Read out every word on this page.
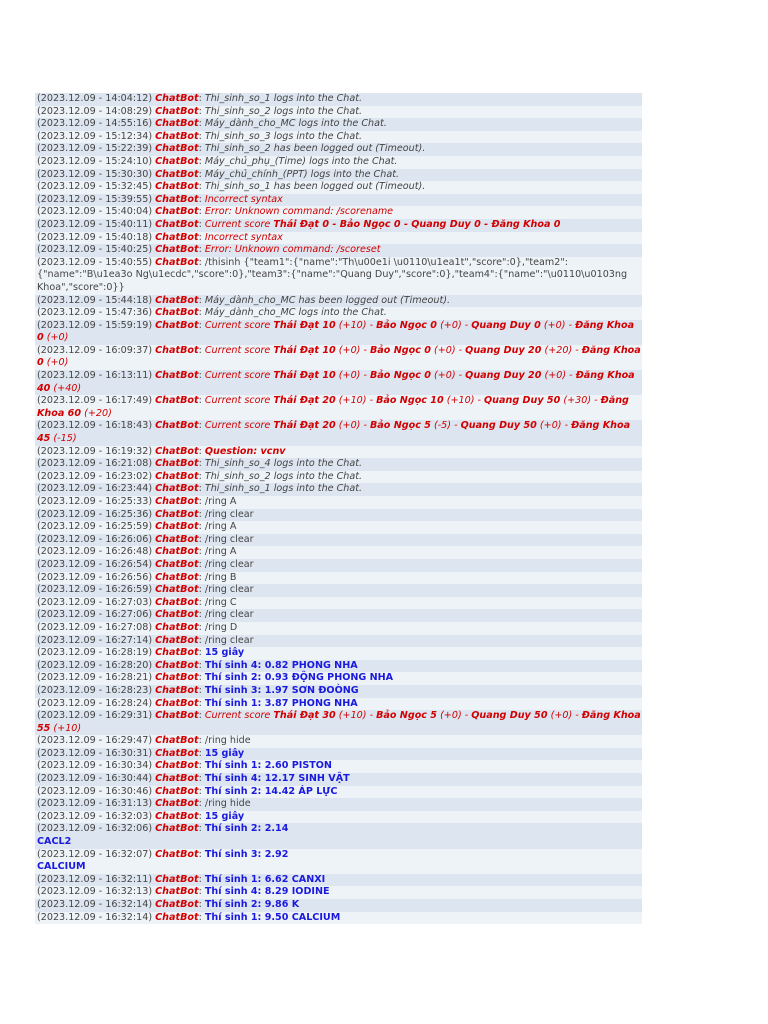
(2023.12.09 - 14:04:12) ChatBot: Thi_sinh_so_1 logs into the Chat.
(2023.12.09 - 14:08:29) ChatBot: Thi_sinh_so_2 logs into the Chat.
(2023.12.09 - 14:55:16) ChatBot: Máy_dành_cho_MC logs into the Chat.
(2023.12.09 - 15:12:34) ChatBot: Thi_sinh_so_3 logs into the Chat.
(2023.12.09 - 15:22:39) ChatBot: Thi_sinh_so_2 has been logged out (Timeout).
(2023.12.09 - 15:24:10) ChatBot: Máy_chủ_phụ_(Time) logs into the Chat.
(2023.12.09 - 15:30:30) ChatBot: Máy_chủ_chính_(PPT) logs into the Chat.
(2023.12.09 - 15:32:45) ChatBot: Thi_sinh_so_1 has been logged out (Timeout).
(2023.12.09 - 15:39:55) ChatBot: Incorrect syntax
(2023.12.09 - 15:40:04) ChatBot: Error: Unknown command: /scorename
(2023.12.09 - 15:40:11) ChatBot: Current score Thái Đạt 0 - Bảo Ngọc 0 - Quang Duy 0 - Đăng Khoa 0
(2023.12.09 - 15:40:18) ChatBot: Incorrect syntax
(2023.12.09 - 15:40:25) ChatBot: Error: Unknown command: /scoreset
(2023.12.09 - 15:40:55) ChatBot: /thisinh {"team1":{"name":"Th\u00e1i \u0110\u1ea1t","score":0},"team2":{"name":"B\u1ea3o Ng\u1ecdc","score":0},"team3":{"name":"Quang Duy","score":0},"team4":{"name":"\u0110\u0103ng Khoa","score":0}}
(2023.12.09 - 15:44:18) ChatBot: Máy_dành_cho_MC has been logged out (Timeout).
(2023.12.09 - 15:47:36) ChatBot: Máy_dành_cho_MC logs into the Chat.
(2023.12.09 - 15:59:19) ChatBot: Current score Thái Đạt 10 (+10) - Bảo Ngọc 0 (+0) - Quang Duy 0 (+0) - Đăng Khoa 0 (+0)
(2023.12.09 - 16:09:37) ChatBot: Current score Thái Đạt 10 (+0) - Bảo Ngọc 0 (+0) - Quang Duy 20 (+20) - Đăng Khoa 0 (+0)
(2023.12.09 - 16:13:11) ChatBot: Current score Thái Đạt 10 (+0) - Bảo Ngọc 0 (+0) - Quang Duy 20 (+0) - Đăng Khoa 40 (+40)
(2023.12.09 - 16:17:49) ChatBot: Current score Thái Đạt 20 (+10) - Bảo Ngọc 10 (+10) - Quang Duy 50 (+30) - Đăng Khoa 60 (+20)
(2023.12.09 - 16:18:43) ChatBot: Current score Thái Đạt 20 (+0) - Bảo Ngọc 5 (-5) - Quang Duy 50 (+0) - Đăng Khoa 45 (-15)
(2023.12.09 - 16:19:32) ChatBot: Question: vcnv
(2023.12.09 - 16:21:08) ChatBot: Thi_sinh_so_4 logs into the Chat.
(2023.12.09 - 16:23:02) ChatBot: Thi_sinh_so_2 logs into the Chat.
(2023.12.09 - 16:23:44) ChatBot: Thi_sinh_so_1 logs into the Chat.
(2023.12.09 - 16:25:33) ChatBot: /ring A
(2023.12.09 - 16:25:36) ChatBot: /ring clear
(2023.12.09 - 16:25:59) ChatBot: /ring A
(2023.12.09 - 16:26:06) ChatBot: /ring clear
(2023.12.09 - 16:26:48) ChatBot: /ring A
(2023.12.09 - 16:26:54) ChatBot: /ring clear
(2023.12.09 - 16:26:56) ChatBot: /ring B
(2023.12.09 - 16:26:59) ChatBot: /ring clear
(2023.12.09 - 16:27:03) ChatBot: /ring C
(2023.12.09 - 16:27:06) ChatBot: /ring clear
(2023.12.09 - 16:27:08) ChatBot: /ring D
(2023.12.09 - 16:27:14) ChatBot: /ring clear
(2023.12.09 - 16:28:19) ChatBot: 15 giây
(2023.12.09 - 16:28:20) ChatBot: Thí sinh 4: 0.82 PHONG NHA
(2023.12.09 - 16:28:21) ChatBot: Thí sinh 2: 0.93 ĐỘNG PHONG NHA
(2023.12.09 - 16:28:23) ChatBot: Thí sinh 3: 1.97 SƠN ĐOÒNG
(2023.12.09 - 16:28:24) ChatBot: Thí sinh 1: 3.87 PHONG NHA
(2023.12.09 - 16:29:31) ChatBot: Current score Thái Đạt 30 (+10) - Bảo Ngọc 5 (+0) - Quang Duy 50 (+0) - Đăng Khoa 55 (+10)
(2023.12.09 - 16:29:47) ChatBot: /ring hide
(2023.12.09 - 16:30:31) ChatBot: 15 giây
(2023.12.09 - 16:30:34) ChatBot: Thí sinh 1: 2.60 PISTON
(2023.12.09 - 16:30:44) ChatBot: Thí sinh 4: 12.17 SINH VẬT
(2023.12.09 - 16:30:46) ChatBot: Thí sinh 2: 14.42 ÁP LỰC
(2023.12.09 - 16:31:13) ChatBot: /ring hide
(2023.12.09 - 16:32:03) ChatBot: 15 giây
(2023.12.09 - 16:32:06) ChatBot: Thí sinh 2: 2.14
CACL2
(2023.12.09 - 16:32:07) ChatBot: Thí sinh 3: 2.92
CALCIUM
(2023.12.09 - 16:32:11) ChatBot: Thí sinh 1: 6.62 CANXI
(2023.12.09 - 16:32:13) ChatBot: Thí sinh 4: 8.29 IODINE
(2023.12.09 - 16:32:14) ChatBot: Thí sinh 2: 9.86 K
(2023.12.09 - 16:32:14) ChatBot: Thí sinh 1: 9.50 CALCIUM
